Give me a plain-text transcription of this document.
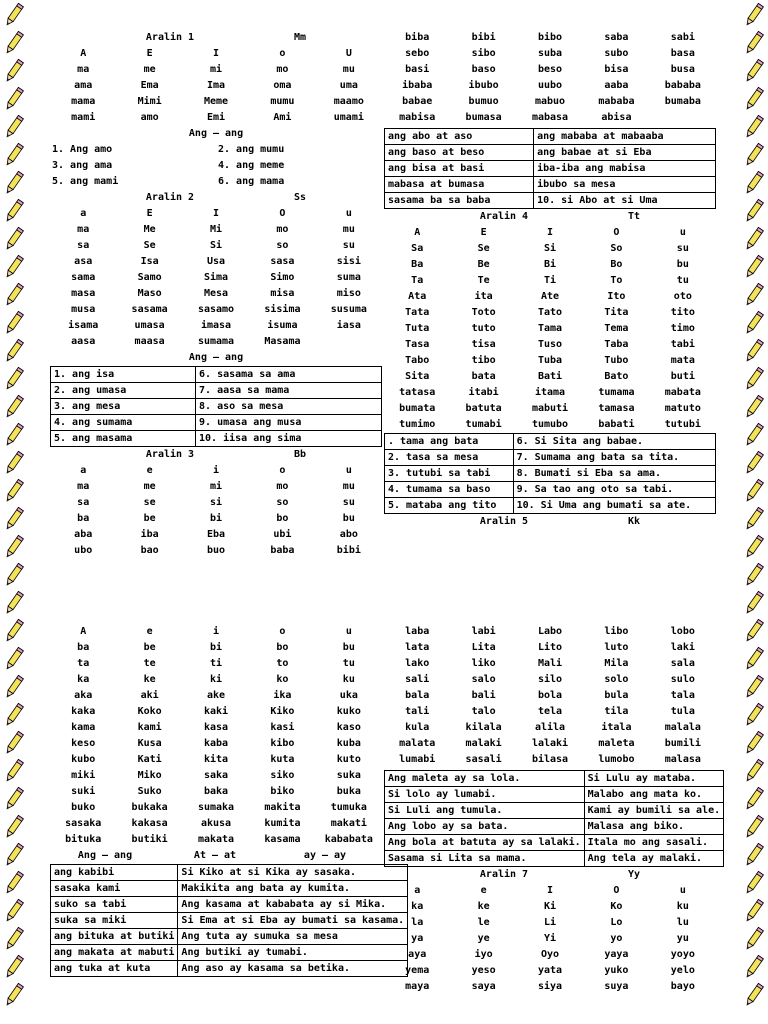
Aralin 1	Mm
A	E	I	o	U
ma	me	mi	mo	mu
ama	Ema	Ima	oma	uma
mama	Mimi	Meme	mumu	maamo
mami	amo	Emi	Ami	umami
Ang – ang
1. Ang amo	2. ang mumu
3. ang ama	4. ang meme
5. ang mami	6. ang mama
Aralin 2	Ss
a	E	I	O	u
ma	Me	Mi	mo	mu
sa	Se	Si	so	su
asa	Isa	Usa	sasa	sisi
sama	Samo	Sima	Simo	suma
masa	Maso	Mesa	misa	miso
musa	sasama	sasamo	sisima	susuma
isama	umasa	imasa	isuma	iasa
aasa	maasa	sumama	Masama
Ang – ang
1. ang isa	6. sasama sa ama
2. ang umasa	7. aasa sa mama
3. ang mesa	8. aso sa mesa
4. ang sumama	9. umasa ang musa
5. ang masama	10. iisa ang sima
Aralin 3	Bb
a	e	i	o	u
ma	me	mi	mo	mu
sa	se	si	so	su
ba	be	bi	bo	bu
aba	iba	Eba	ubi	abo
ubo	bao	buo	baba	bibi
biba	bibi	bibo	saba	sabi
sebo	sibo	suba	subo	basa
basi	baso	beso	bisa	busa
ibaba	ibubo	uubo	aaba	bababa
babae	bumuo	mabuo	mababa	bumaba
mabisa	bumasa	mabasa	abisa
ang abo at aso	ang mababa at mabaaba
ang baso at beso	ang babae at si Eba
ang bisa at basi	iba-iba ang mabisa
mabasa at bumasa	ibubo sa mesa
sasama ba sa baba	10. si Abo at si Uma
Aralin 4	Tt
A	E	I	O	u
Sa	Se	Si	So	su
Ba	Be	Bi	Bo	bu
Ta	Te	Ti	To	tu
Ata	ita	Ate	Ito	oto
Tata	Toto	Tato	Tita	tito
Tuta	tuto	Tama	Tema	timo
Tasa	tisa	Tuso	Taba	tabi
Tabo	tibo	Tuba	Tubo	mata
Sita	bata	Bati	Bato	buti
tatasa	itabi	itama	tumama	mabata
bumata	batuta	mabuti	tamasa	matuto
tumimo	tumabi	tumubo	babati	tutubi
. tama ang bata	6. Si Sita ang babae.
2. tasa sa mesa	7. Sumama ang bata sa tita.
3. tutubi sa tabi	8. Bumati si Eba sa ama.
4. tumama sa baso	9. Sa tao ang oto sa tabi.
5. mataba ang tito	10. Si Uma ang bumati sa ate.
Aralin 5	Kk
A	e	i	o	u
ba	be	bi	bo	bu
ta	te	ti	to	tu
ka	ke	ki	ko	ku
aka	aki	ake	ika	uka
kaka	Koko	kaki	Kiko	kuko
kama	kami	kasa	kasi	kaso
keso	Kusa	kaba	kibo	kuba
kubo	Kati	kita	kuta	kuto
miki	Miko	saka	siko	suka
suki	Suko	baka	biko	buka
buko	bukaka	sumaka	makita	tumuka
sasaka	kakasa	akusa	kumita	makati
bituka	butiki	makata	kasama	kababata
Ang – ang	At – at	ay – ay
ang kabibi	Si Kiko at si Kika ay sasaka.
sasaka kami	Makikita ang bata ay kumita.
suko sa tabi	Ang kasama at kababata ay si Mika.
suka sa miki	Si Ema at si Eba ay bumati sa kasama.
ang bituka at butiki	Ang tuta ay sumuka sa mesa
ang makata at mabuti	Ang butiki ay tumabi.
ang tuka at kuta	Ang aso ay kasama sa betika.
laba	labi	Labo	libo	lobo
lata	Lita	Lito	luto	laki
lako	liko	Mali	Mila	sala
sali	salo	silo	solo	sulo
bala	bali	bola	bula	tala
tali	talo	tela	tila	tula
kula	kilala	alila	itala	malala
malata	malaki	lalaki	maleta	bumili
lumabi	sasali	bilasa	lumobo	malasa
Ang maleta ay sa lola.	Si Lulu ay mataba.
Si lolo ay lumabi.	Malabo ang mata ko.
Si Luli ang tumula.	Kami ay bumili sa ale.
Ang lobo ay sa bata.	Malasa ang biko.
Ang bola at batuta ay sa lalaki.	Itala mo ang sasali.
Sasama si Lita sa mama.	Ang tela ay malaki.
Aralin 7	Yy
a	e	I	O	u
ka	ke	Ki	Ko	ku
la	le	Li	Lo	lu
ya	ye	Yi	yo	yu
aya	iyo	Oyo	yaya	yoyo
yema	yeso	yata	yuko	yelo
maya	saya	siya	suya	bayo
